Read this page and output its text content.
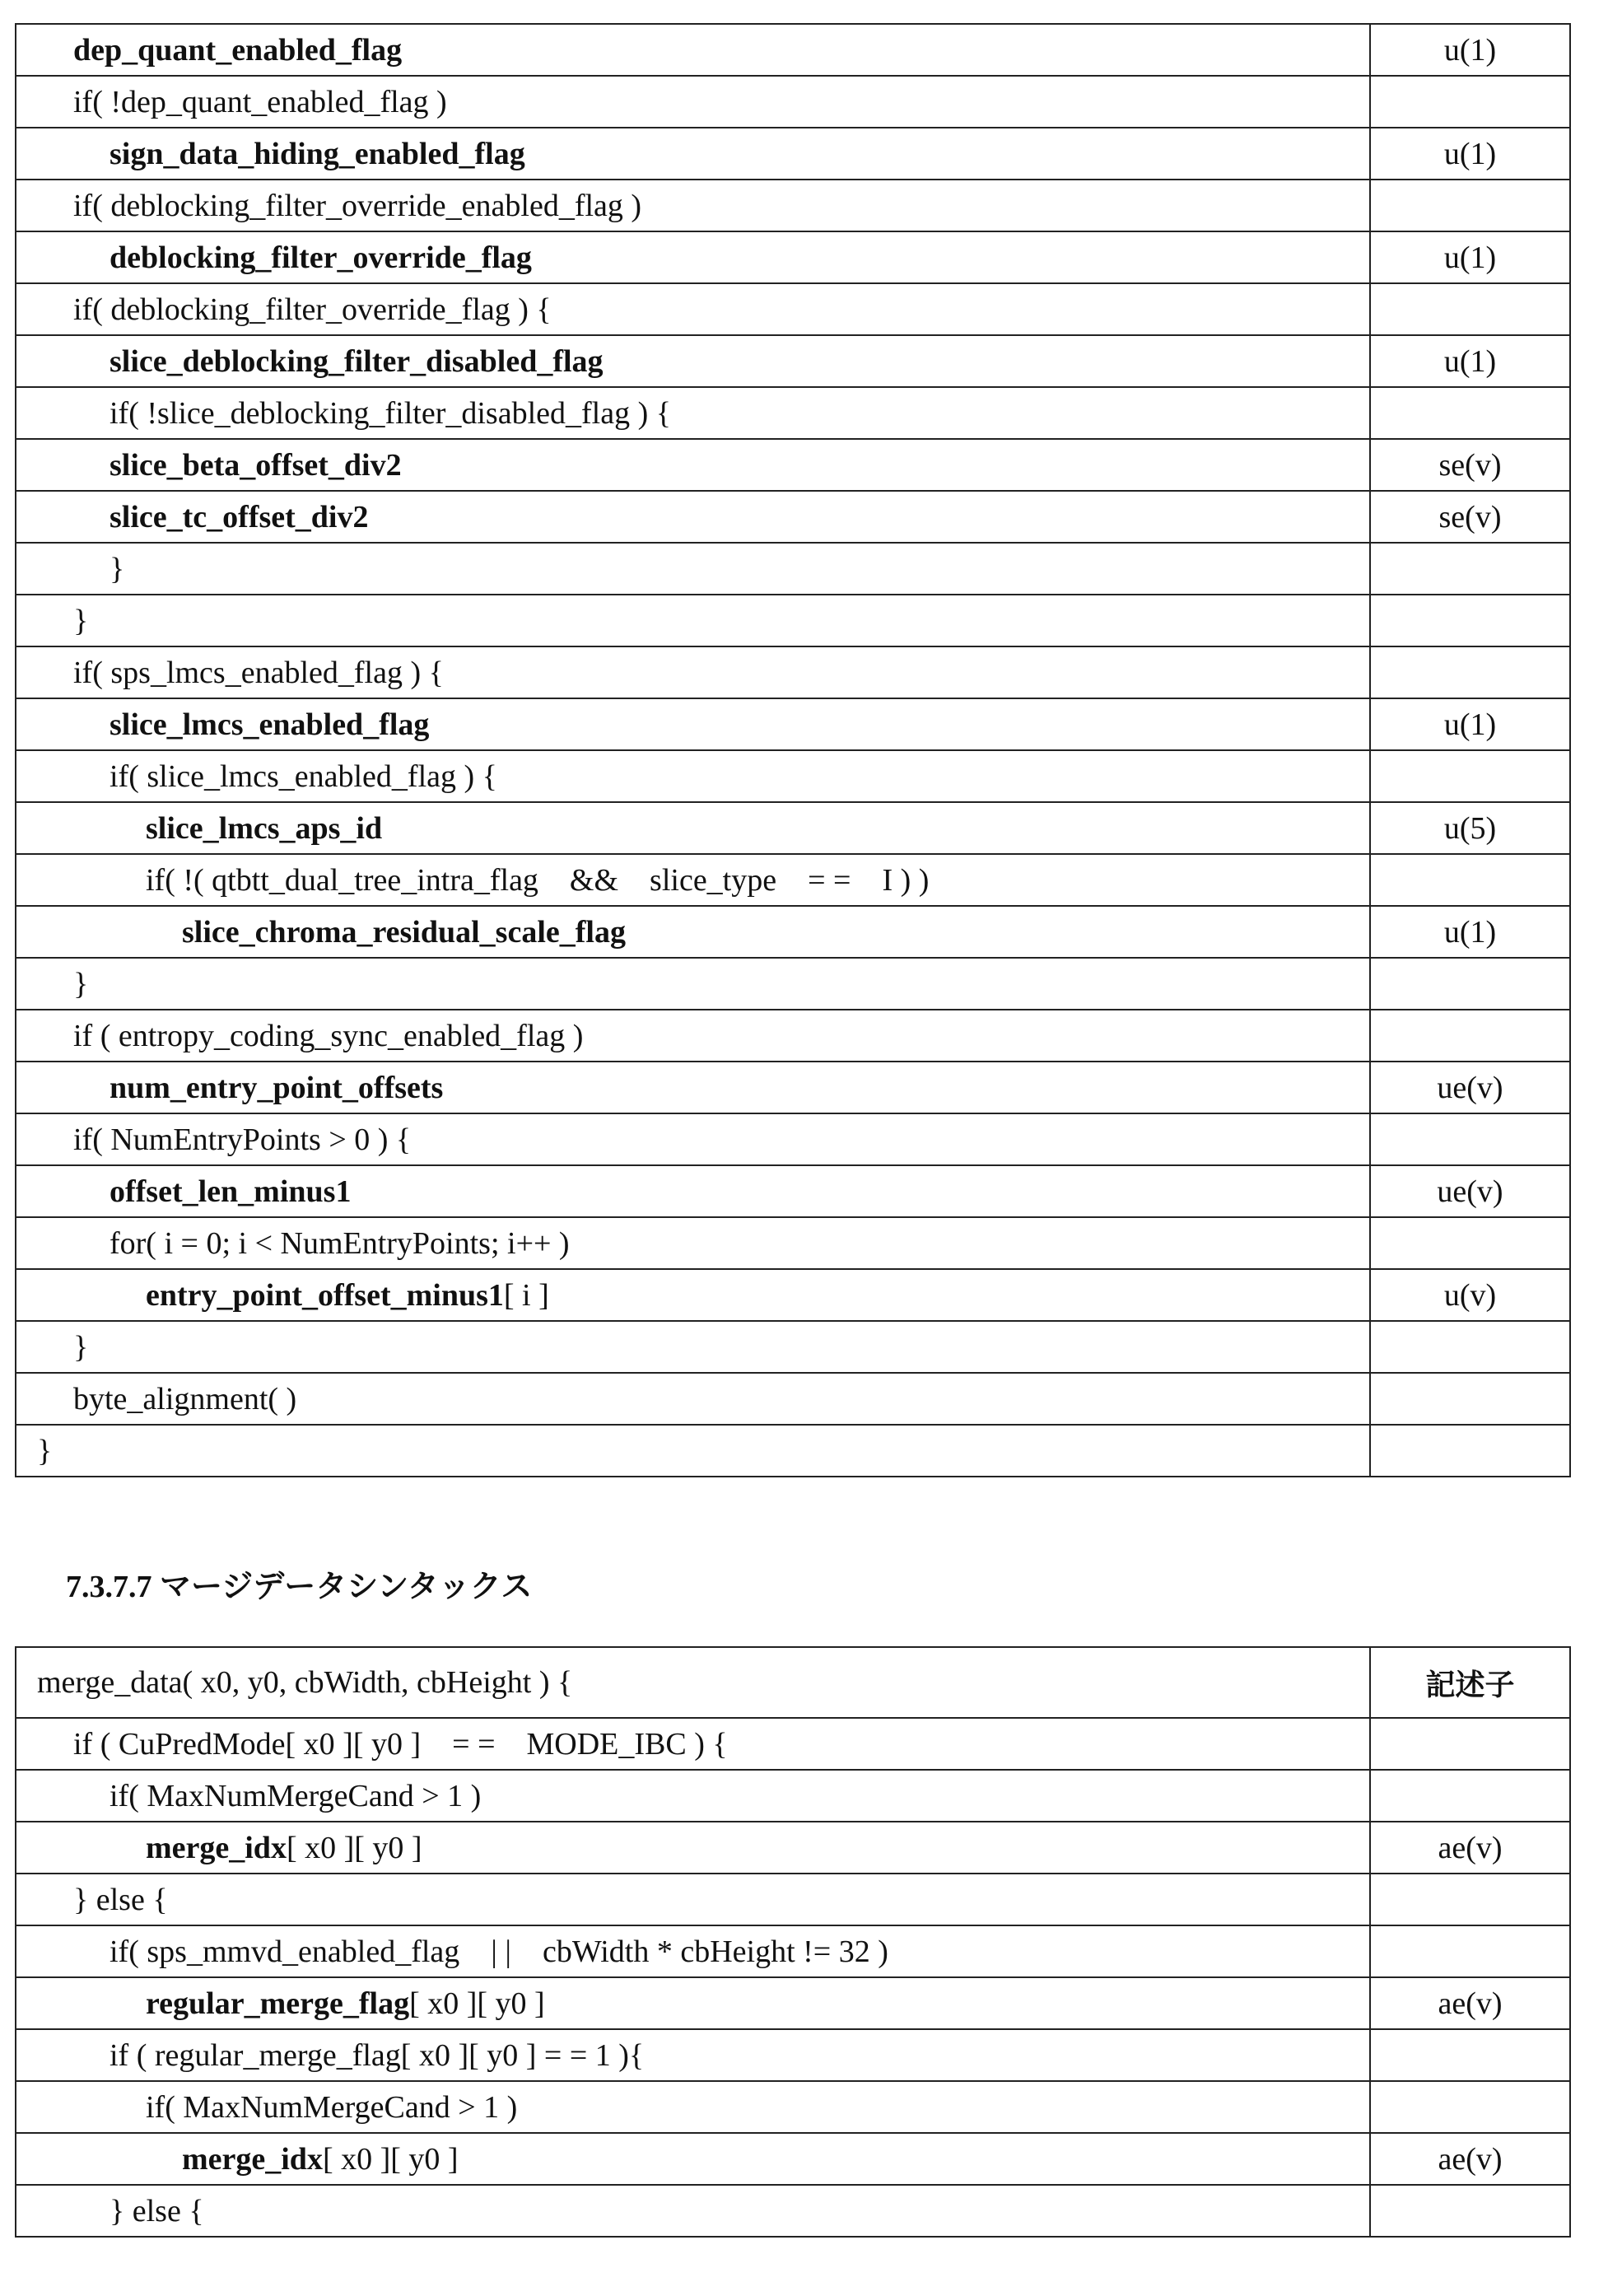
dep_quant_enabled_flag	u(1)
if( !dep_quant_enabled_flag )	
sign_data_hiding_enabled_flag	u(1)
if( deblocking_filter_override_enabled_flag )	
deblocking_filter_override_flag	u(1)
if( deblocking_filter_override_flag ) {	
slice_deblocking_filter_disabled_flag	u(1)
if( !slice_deblocking_filter_disabled_flag ) {	
slice_beta_offset_div2	se(v)
slice_tc_offset_div2	se(v)
}	
}	
if( sps_lmcs_enabled_flag ) {	
slice_lmcs_enabled_flag	u(1)
if( slice_lmcs_enabled_flag ) {	
slice_lmcs_aps_id	u(5)
if( !( qtbtt_dual_tree_intra_flag    &&    slice_type    = =    I ) )	
slice_chroma_residual_scale_flag	u(1)
}	
if ( entropy_coding_sync_enabled_flag )	
num_entry_point_offsets	ue(v)
if( NumEntryPoints > 0 ) {	
offset_len_minus1	ue(v)
for( i = 0; i < NumEntryPoints; i++ )	
entry_point_offset_minus1[ i ]	u(v)
}	
byte_alignment( )	
}	
7.3.7.7 マージデータシンタックス
merge_data( x0, y0, cbWidth, cbHeight ) {	記述子
if ( CuPredMode[ x0 ][ y0 ]    = =    MODE_IBC ) {	
if( MaxNumMergeCand > 1 )	
merge_idx[ x0 ][ y0 ]	ae(v)
} else {	
if( sps_mmvd_enabled_flag    | |    cbWidth * cbHeight != 32 )	
regular_merge_flag[ x0 ][ y0 ]	ae(v)
if ( regular_merge_flag[ x0 ][ y0 ] = = 1 ){	
if( MaxNumMergeCand > 1 )	
merge_idx[ x0 ][ y0 ]	ae(v)
} else {	
